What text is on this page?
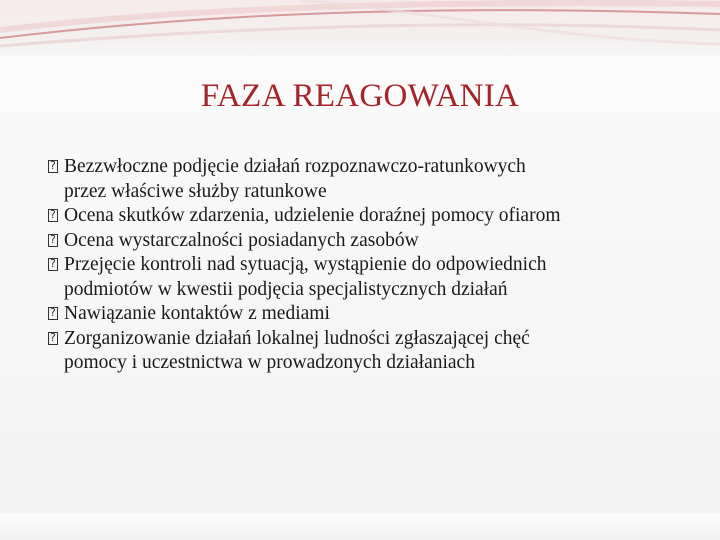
FAZA REAGOWANIA
?
Bezzwłoczne podjęcie działań rozpoznawczo-ratunkowych
przez właściwe służby ratunkowe
?
Ocena skutków zdarzenia, udzielenie doraźnej pomocy ofiarom
?
Ocena wystarczalności posiadanych zasobów
?
Przejęcie kontroli nad sytuacją, wystąpienie do odpowiednich
podmiotów w kwestii podjęcia specjalistycznych działań
?
Nawiązanie kontaktów z mediami
?
Zorganizowanie działań lokalnej ludności zgłaszającej chęć
pomocy i uczestnictwa w prowadzonych działaniach
